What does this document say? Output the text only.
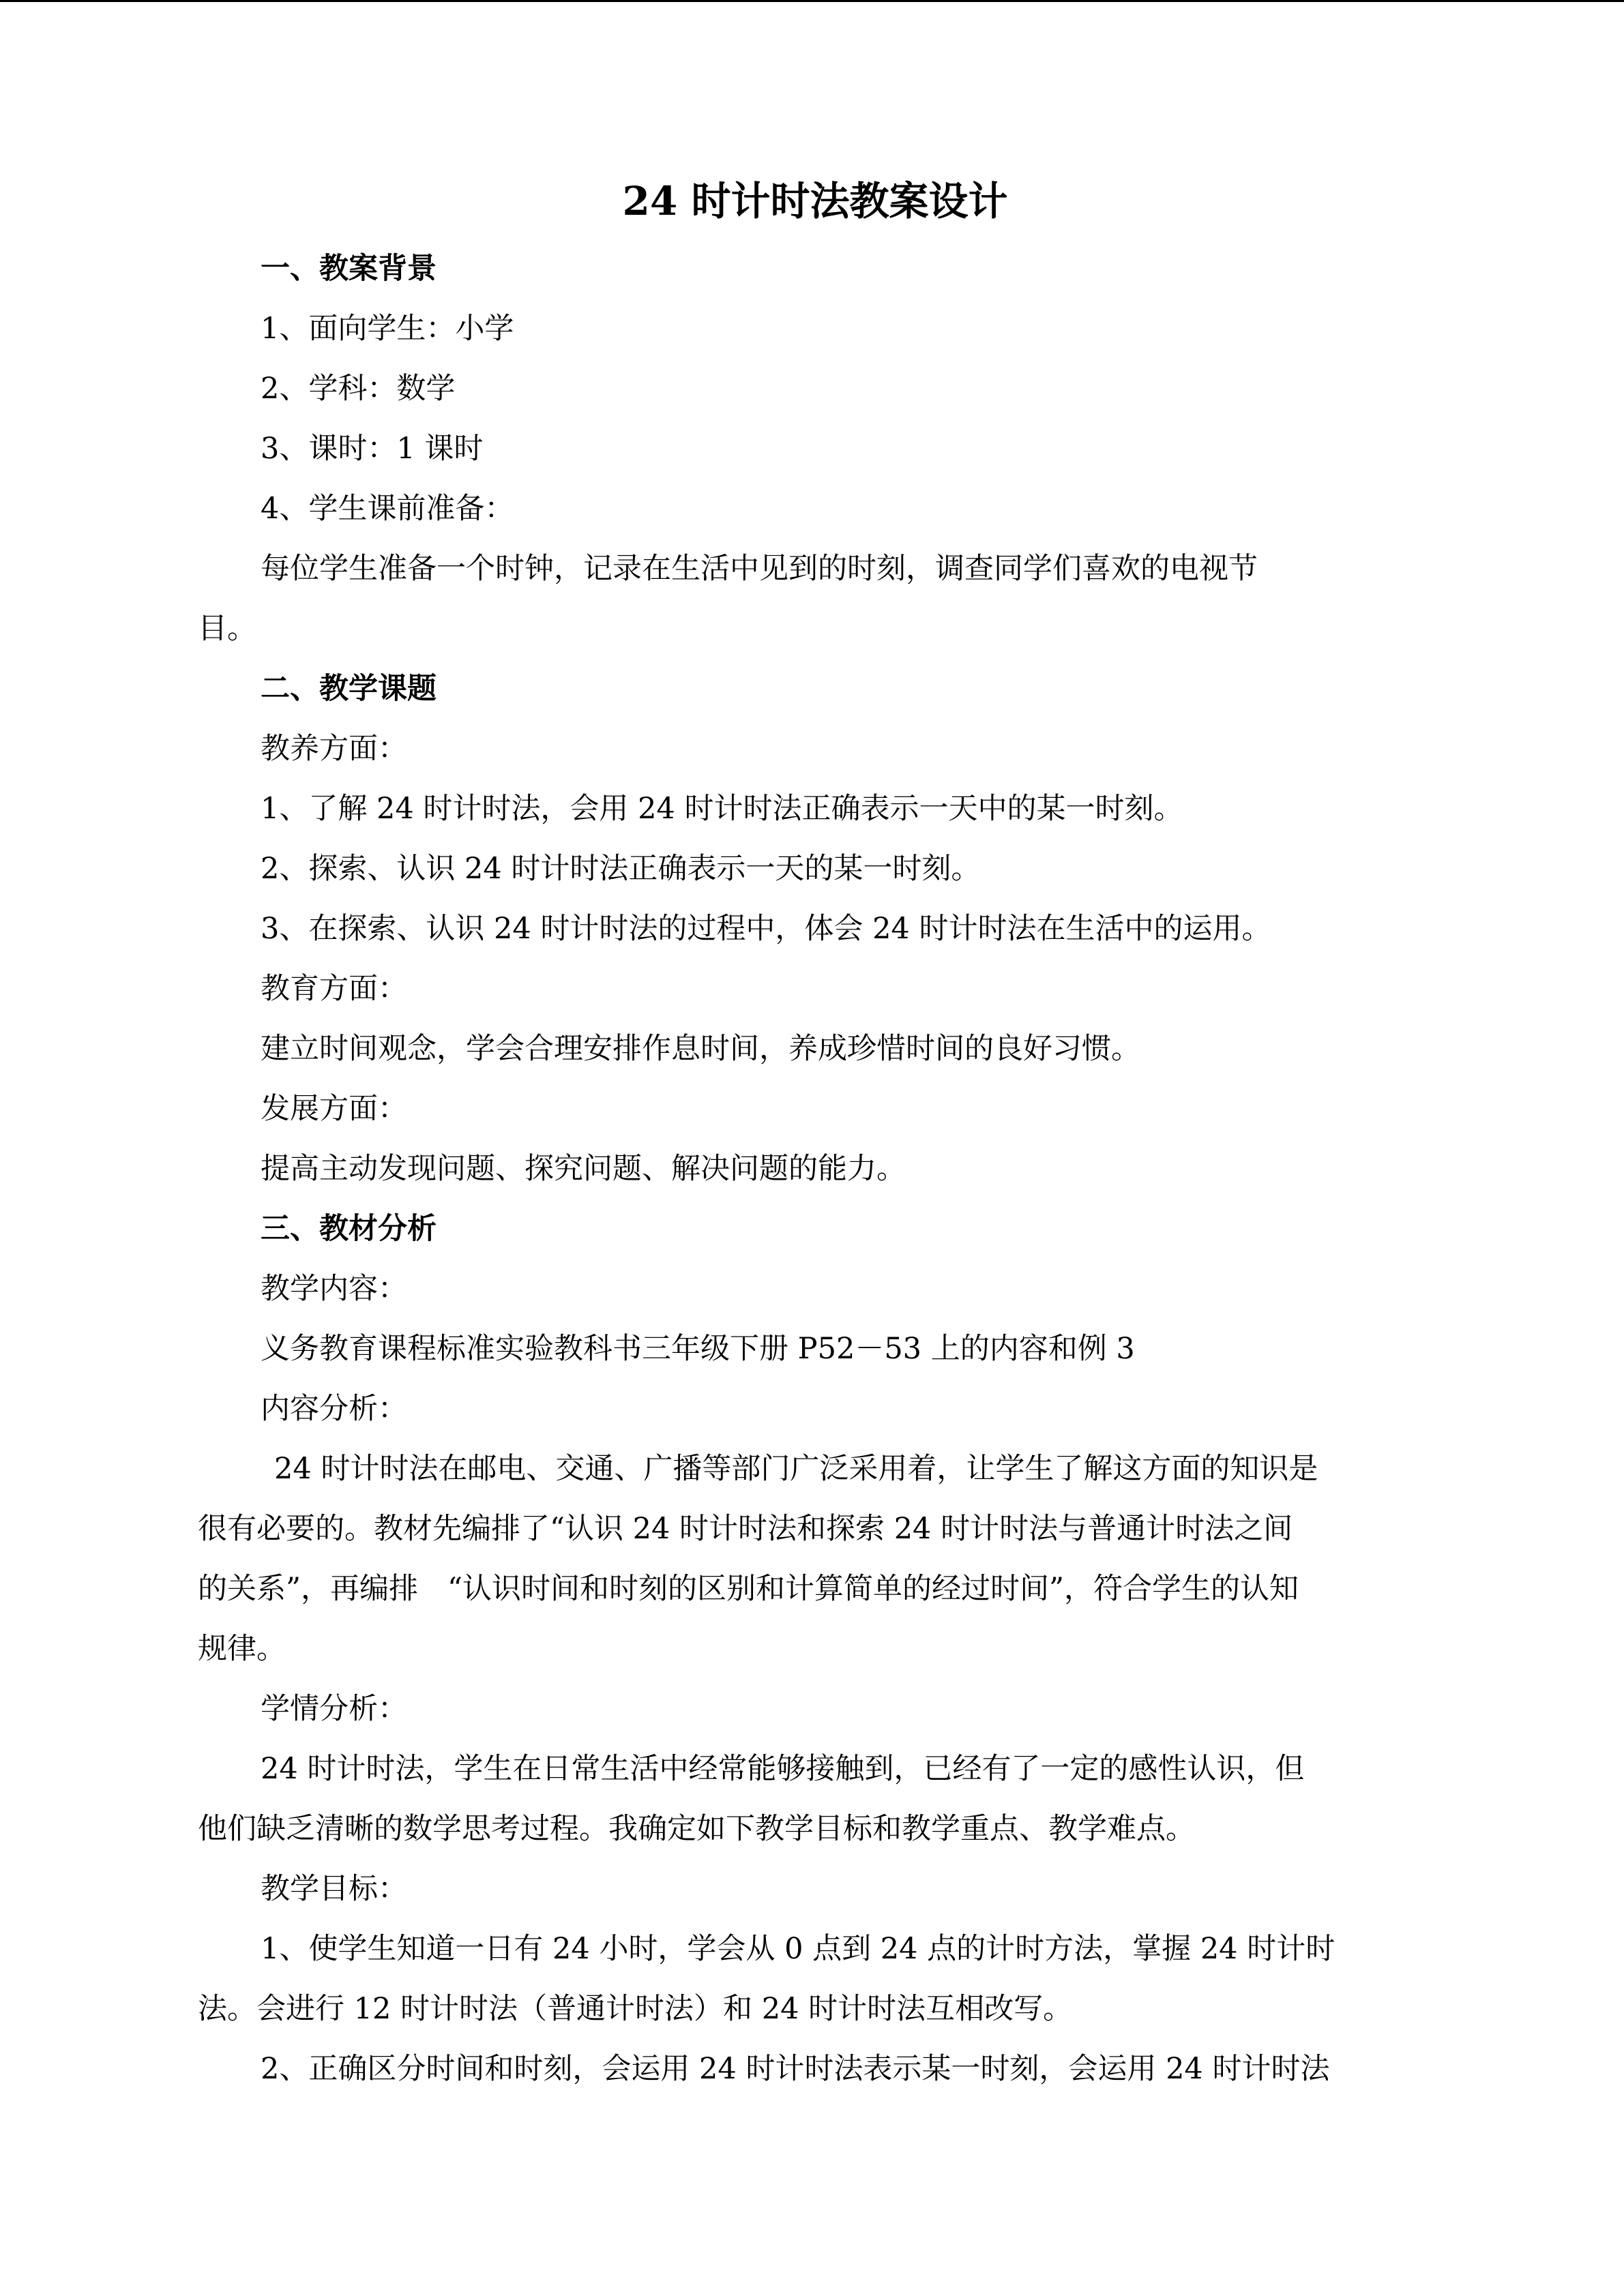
24 时计时法教案设计
一、教案背景
1、面向学生：小学
2、学科：数学
3、课时：1 课时
4、学生课前准备：
每位学生准备一个时钟，记录在生活中见到的时刻，调查同学们喜欢的电视节
目。
二、教学课题
教养方面：
1、了解 24 时计时法，会用 24 时计时法正确表示一天中的某一时刻。
2、探索、认识 24 时计时法正确表示一天的某一时刻。
3、在探索、认识 24 时计时法的过程中，体会 24 时计时法在生活中的运用。
教育方面：
建立时间观念，学会合理安排作息时间，养成珍惜时间的良好习惯。
发展方面：
提高主动发现问题、探究问题、解决问题的能力。
三、教材分析
教学内容：
义务教育课程标准实验教科书三年级下册 P52－53 上的内容和例 3
内容分析：
24 时计时法在邮电、交通、广播等部门广泛采用着，让学生了解这方面的知识是
很有必要的。教材先编排了“认识 24 时计时法和探索 24 时计时法与普通计时法之间
的关系”，再编排　“认识时间和时刻的区别和计算简单的经过时间”，符合学生的认知
规律。
学情分析：
24 时计时法，学生在日常生活中经常能够接触到，已经有了一定的感性认识，但
他们缺乏清晰的数学思考过程。我确定如下教学目标和教学重点、教学难点。
教学目标：
1、使学生知道一日有 24 小时，学会从 0 点到 24 点的计时方法，掌握 24 时计时
法。会进行 12 时计时法（普通计时法）和 24 时计时法互相改写。
2、正确区分时间和时刻，会运用 24 时计时法表示某一时刻，会运用 24 时计时法
